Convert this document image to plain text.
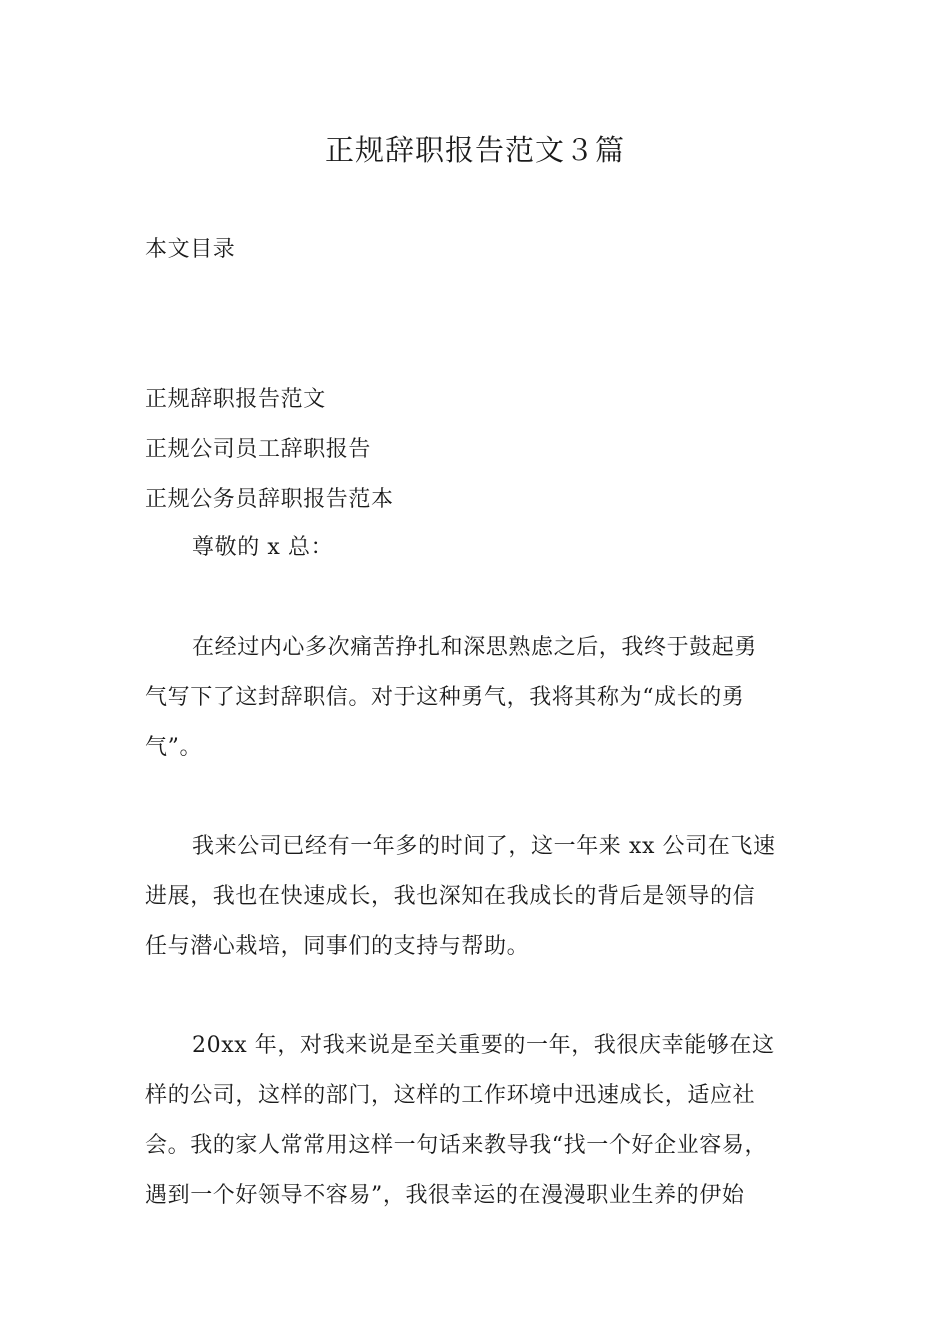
正规辞职报告范文３篇
本文目录
正规辞职报告范文
正规公司员工辞职报告
正规公务员辞职报告范本
尊敬的 x 总：
在经过内心多次痛苦挣扎和深思熟虑之后，我终于鼓起勇
气写下了这封辞职信。对于这种勇气，我将其称为“成长的勇
气”。
我来公司已经有一年多的时间了，这一年来 xx 公司在飞速
进展，我也在快速成长，我也深知在我成长的背后是领导的信
任与潜心栽培，同事们的支持与帮助。
20xx 年，对我来说是至关重要的一年，我很庆幸能够在这
样的公司，这样的部门，这样的工作环境中迅速成长，适应社
会。我的家人常常用这样一句话来教导我“找一个好企业容易，
遇到一个好领导不容易”，我很幸运的在漫漫职业生养的伊始
